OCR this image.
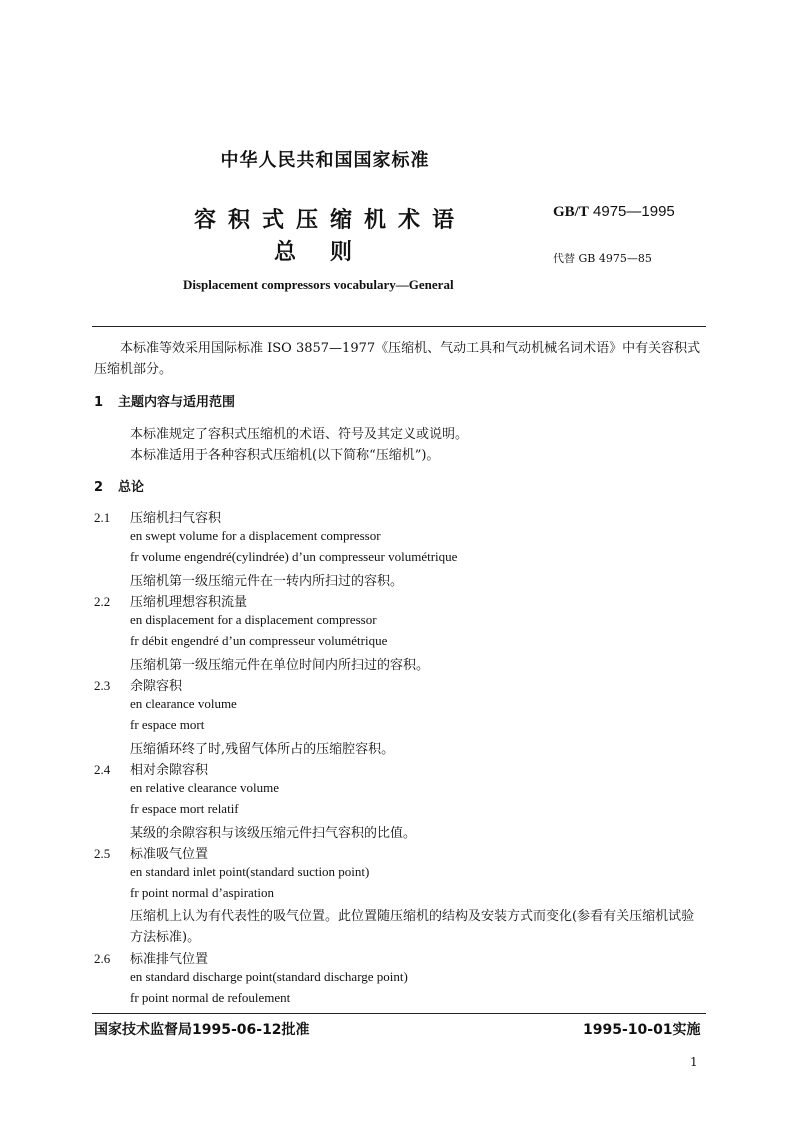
中华人民共和国国家标准
容积式压缩机术语
总则
GB/T 4975—1995
代替 GB 4975—85
Displacement compressors vocabulary—General
本标准等效采用国际标准 ISO 3857—1977《压缩机、气动工具和气动机械名词术语》中有关容积式压缩机部分。
1 主题内容与适用范围
本标准规定了容积式压缩机的术语、符号及其定义或说明。
本标准适用于各种容积式压缩机(以下简称“压缩机”)。
2 总论
2.1 压缩机扫气容积
en swept volume for a displacement compressor
fr volume engendré(cylindrée) d’un compresseur volumétrique
压缩机第一级压缩元件在一转内所扫过的容积。
2.2 压缩机理想容积流量
en displacement for a displacement compressor
fr débit engendré d’un compresseur volumétrique
压缩机第一级压缩元件在单位时间内所扫过的容积。
2.3 余隙容积
en clearance volume
fr espace mort
压缩循环终了时,残留气体所占的压缩腔容积。
2.4 相对余隙容积
en relative clearance volume
fr espace mort relatif
某级的余隙容积与该级压缩元件扫气容积的比值。
2.5 标准吸气位置
en standard inlet point(standard suction point)
fr point normal d’aspiration
压缩机上认为有代表性的吸气位置。此位置随压缩机的结构及安装方式而变化(参看有关压缩机试验方法标准)。
2.6 标准排气位置
en standard discharge point(standard discharge point)
fr point normal de refoulement
国家技术监督局1995-06-12批准	1995-10-01实施
1
